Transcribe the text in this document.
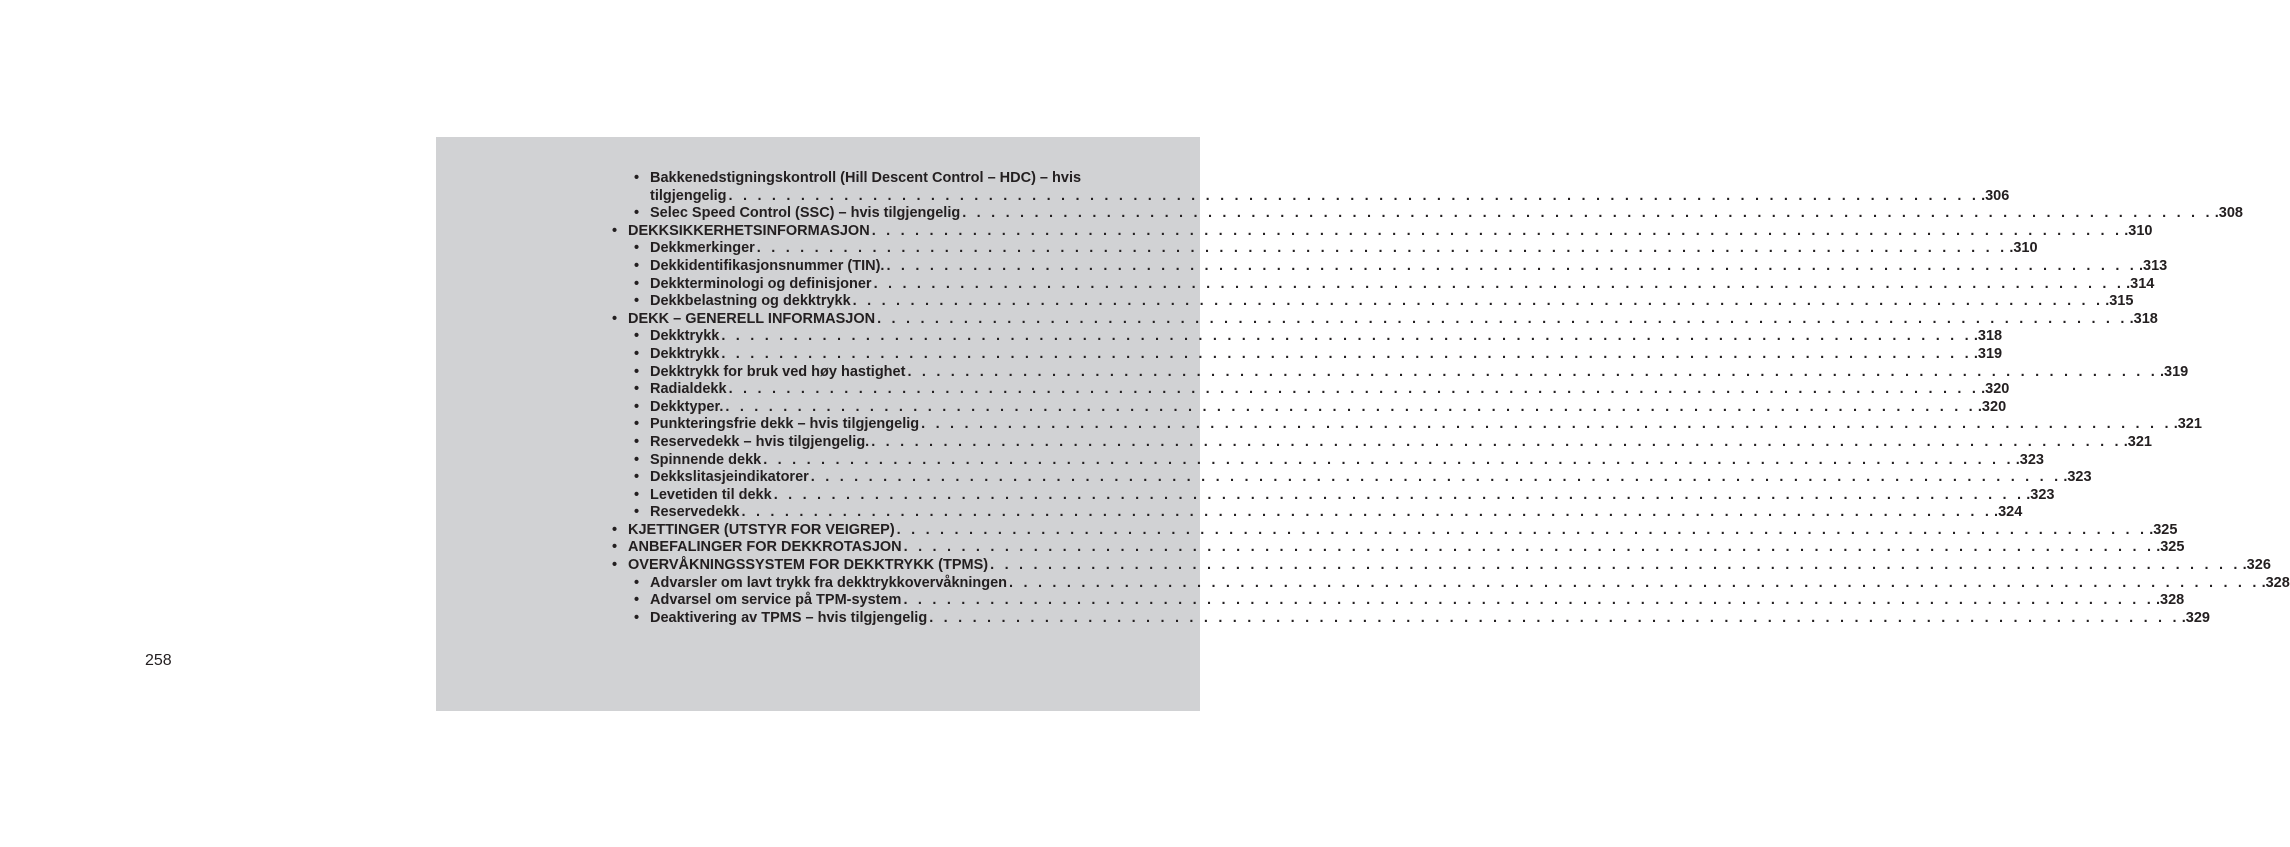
258
• Bakkenedstigningskontroll (Hill Descent Control – HDC) – hvis
tilgjengelig . . . . . . . . . . . . . . . . . . . . . . . . . . . . . . . . . . . . . . . . . . . . . . . . . . . . . . . . . . . . . . . . . . . . . . . . . . . . . . . . . . . . . . . .306
• Selec Speed Control (SSC) – hvis tilgjengelig . . . . . . . . . . . . . . . . . . . . . . . . . . . . . . . . . . . . . . . . . . . . . . . . . . . . . . . . . . . . . . . . . . . . . . . . . . . . . . . . . . . . . . . .308
• DEKKSIKKERHETSINFORMASJON . . . . . . . . . . . . . . . . . . . . . . . . . . . . . . . . . . . . . . . . . . . . . . . . . . . . . . . . . . . . . . . . . . . . . . . . . . . . . . . . . . . . . . . .310
• Dekkmerkinger . . . . . . . . . . . . . . . . . . . . . . . . . . . . . . . . . . . . . . . . . . . . . . . . . . . . . . . . . . . . . . . . . . . . . . . . . . . . . . . . . . . . . . . .310
• Dekkidentifikasjonsnummer (TIN). . . . . . . . . . . . . . . . . . . . . . . . . . . . . . . . . . . . . . . . . . . . . . . . . . . . . . . . . . . . . . . . . . . . . . . . . . . . . . . . . . . . . . . . .313
• Dekkterminologi og definisjoner . . . . . . . . . . . . . . . . . . . . . . . . . . . . . . . . . . . . . . . . . . . . . . . . . . . . . . . . . . . . . . . . . . . . . . . . . . . . . . . . . . . . . . . .314
• Dekkbelastning og dekktrykk . . . . . . . . . . . . . . . . . . . . . . . . . . . . . . . . . . . . . . . . . . . . . . . . . . . . . . . . . . . . . . . . . . . . . . . . . . . . . . . . . . . . . . . .315
• DEKK – GENERELL INFORMASJON . . . . . . . . . . . . . . . . . . . . . . . . . . . . . . . . . . . . . . . . . . . . . . . . . . . . . . . . . . . . . . . . . . . . . . . . . . . . . . . . . . . . . . . .318
• Dekktrykk . . . . . . . . . . . . . . . . . . . . . . . . . . . . . . . . . . . . . . . . . . . . . . . . . . . . . . . . . . . . . . . . . . . . . . . . . . . . . . . . . . . . . . . .318
• Dekktrykk . . . . . . . . . . . . . . . . . . . . . . . . . . . . . . . . . . . . . . . . . . . . . . . . . . . . . . . . . . . . . . . . . . . . . . . . . . . . . . . . . . . . . . . .319
• Dekktrykk for bruk ved høy hastighet . . . . . . . . . . . . . . . . . . . . . . . . . . . . . . . . . . . . . . . . . . . . . . . . . . . . . . . . . . . . . . . . . . . . . . . . . . . . . . . . . . . . . . . .319
• Radialdekk . . . . . . . . . . . . . . . . . . . . . . . . . . . . . . . . . . . . . . . . . . . . . . . . . . . . . . . . . . . . . . . . . . . . . . . . . . . . . . . . . . . . . . . .320
• Dekktyper. . . . . . . . . . . . . . . . . . . . . . . . . . . . . . . . . . . . . . . . . . . . . . . . . . . . . . . . . . . . . . . . . . . . . . . . . . . . . . . . . . . . . . . . .320
• Punkteringsfrie dekk – hvis tilgjengelig . . . . . . . . . . . . . . . . . . . . . . . . . . . . . . . . . . . . . . . . . . . . . . . . . . . . . . . . . . . . . . . . . . . . . . . . . . . . . . . . . . . . . . . .321
• Reservedekk – hvis tilgjengelig. . . . . . . . . . . . . . . . . . . . . . . . . . . . . . . . . . . . . . . . . . . . . . . . . . . . . . . . . . . . . . . . . . . . . . . . . . . . . . . . . . . . . . . . .321
• Spinnende dekk . . . . . . . . . . . . . . . . . . . . . . . . . . . . . . . . . . . . . . . . . . . . . . . . . . . . . . . . . . . . . . . . . . . . . . . . . . . . . . . . . . . . . . . .323
• Dekkslitasjeindikatorer . . . . . . . . . . . . . . . . . . . . . . . . . . . . . . . . . . . . . . . . . . . . . . . . . . . . . . . . . . . . . . . . . . . . . . . . . . . . . . . . . . . . . . . .323
• Levetiden til dekk . . . . . . . . . . . . . . . . . . . . . . . . . . . . . . . . . . . . . . . . . . . . . . . . . . . . . . . . . . . . . . . . . . . . . . . . . . . . . . . . . . . . . . . .323
• Reservedekk . . . . . . . . . . . . . . . . . . . . . . . . . . . . . . . . . . . . . . . . . . . . . . . . . . . . . . . . . . . . . . . . . . . . . . . . . . . . . . . . . . . . . . . .324
• KJETTINGER (UTSTYR FOR VEIGREP) . . . . . . . . . . . . . . . . . . . . . . . . . . . . . . . . . . . . . . . . . . . . . . . . . . . . . . . . . . . . . . . . . . . . . . . . . . . . . . . . . . . . . . . .325
• ANBEFALINGER FOR DEKKROTASJON . . . . . . . . . . . . . . . . . . . . . . . . . . . . . . . . . . . . . . . . . . . . . . . . . . . . . . . . . . . . . . . . . . . . . . . . . . . . . . . . . . . . . . . .325
• OVERVÅKNINGSSYSTEM FOR DEKKTRYKK (TPMS) . . . . . . . . . . . . . . . . . . . . . . . . . . . . . . . . . . . . . . . . . . . . . . . . . . . . . . . . . . . . . . . . . . . . . . . . . . . . . . . . . . . . . . . .326
• Advarsler om lavt trykk fra dekktrykkovervåkningen . . . . . . . . . . . . . . . . . . . . . . . . . . . . . . . . . . . . . . . . . . . . . . . . . . . . . . . . . . . . . . . . . . . . . . . . . . . . . . . . . . . . . . . .328
• Advarsel om service på TPM-system . . . . . . . . . . . . . . . . . . . . . . . . . . . . . . . . . . . . . . . . . . . . . . . . . . . . . . . . . . . . . . . . . . . . . . . . . . . . . . . . . . . . . . . .328
• Deaktivering av TPMS – hvis tilgjengelig . . . . . . . . . . . . . . . . . . . . . . . . . . . . . . . . . . . . . . . . . . . . . . . . . . . . . . . . . . . . . . . . . . . . . . . . . . . . . . . . . . . . . . . .329
